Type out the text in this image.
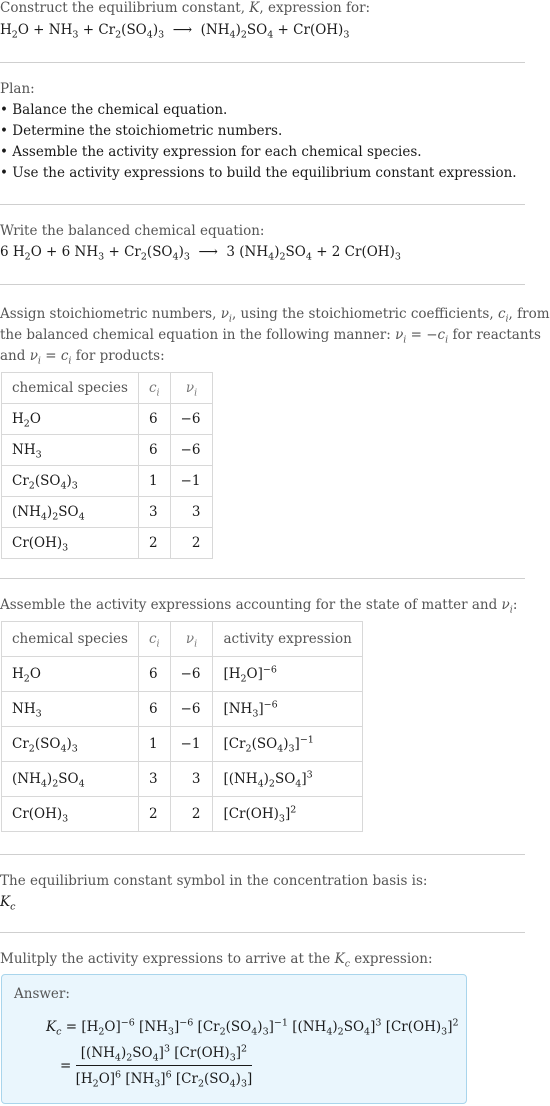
Construct the equilibrium constant, K, expression for:
$H_2O + NH_3 + Cr_2(SO_4)_3$  ⟶  $(NH_4)_2SO_4 + Cr(OH)_3$
Plan:
• Balance the chemical equation.
• Determine the stoichiometric numbers.
• Assemble the activity expression for each chemical species.
• Use the activity expressions to build the equilibrium constant expression.
Write the balanced chemical equation:
6 $H_2O + 6$ $NH_3 + Cr_2(SO_4)_3$  ⟶  3 $(NH_4)_2SO_4 + 2$ $Cr(OH)_3$
Assign stoichiometric numbers, $\nu_i$, using the stoichiometric coefficients, $c_i$, from
the balanced chemical equation in the following manner: $\nu_i = -c_i$ for reactants
and $\nu_i = c_i$ for products:
chemical species	$c_i$	$\nu_i$
$H_2O$	6	−6
$NH_3$	6	−6
$Cr_2(SO_4)_3$	1	−1
$(NH_4)_2SO_4$	3	3
$Cr(OH)_3$	2	2
Assemble the activity expressions accounting for the state of matter and $\nu_i$:
chemical species	$c_i$	$\nu_i$	activity expression
$H_2O$	6	−6	$[H_2O]^{-6}$
$NH_3$	6	−6	$[NH_3]^{-6}$
$Cr_2(SO_4)_3$	1	−1	$[Cr_2(SO_4)_3]^{-1}$
$(NH_4)_2SO_4$	3	3	$[(NH_4)_2SO_4]^3$
$Cr(OH)_3$	2	2	$[Cr(OH)_3]^2$
The equilibrium constant symbol in the concentration basis is:
$K_c$
Mulitply the activity expressions to arrive at the $K_c$ expression:
Answer:
$K_c = [H_2O]^{-6}$ $[NH_3]^{-6}$ $[Cr_2(SO_4)_3]^{-1}$ $[(NH_4)_2SO_4]^3$ $[Cr(OH)_3]^2$
= $\frac{[(NH_4)_2SO_4]^3 [Cr(OH)_3]^2}{[H_2O]^6 [NH_3]^6 [Cr_2(SO_4)_3]}$
